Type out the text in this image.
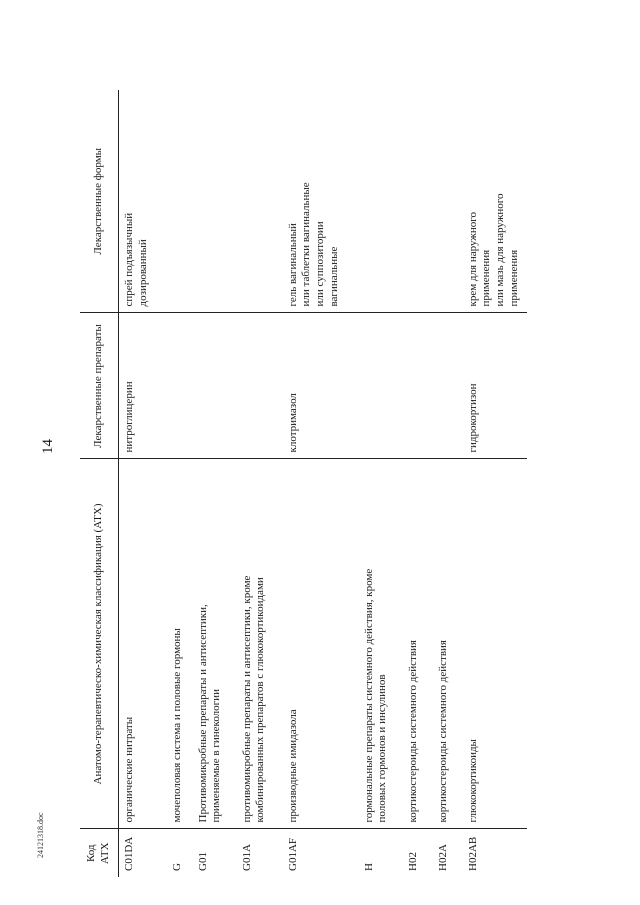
14
Код АТХ	Анатомо-терапевтическо-химическая классификация (АТХ)	Лекарственные препараты	Лекарственные формы
C01DA	органические нитраты	нитроглицерин	спрей подъязычный
дозированный
G	мочеполовая система и половые гормоны		
G01	Противомикробные препараты и антисептики,
применяемые в гинекологии		
G01A	противомикробные препараты и антисептики, кроме
комбинированных препаратов с глюкокортикоидами		
G01AF	производные имидазола	клотримазол	гель вагинальный
или таблетки вагинальные
или суппозитории
вагинальные
H	гормональные препараты системного действия, кроме
половых гормонов и инсулинов		
H02	кортикостероиды системного действия		
H02A	кортикостероиды системного действия		
H02AB	глюкокортикоиды	гидрокортизон	крем для наружного
применения
или мазь для наружного
применения
24121318.doc
